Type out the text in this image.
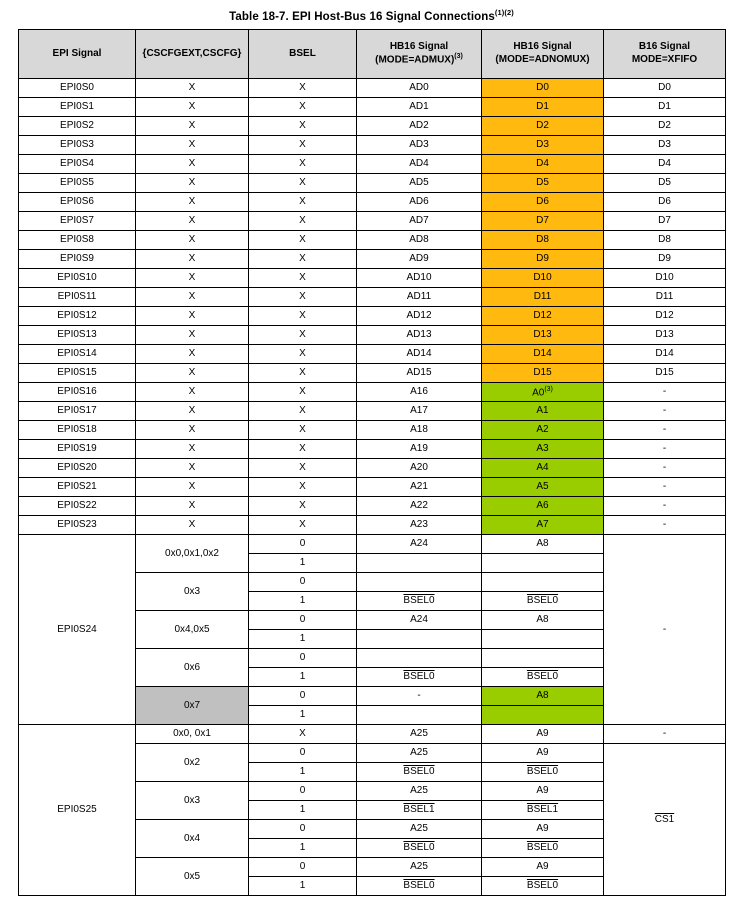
Table 18-7. EPI Host-Bus 16 Signal Connections$^{(1)(2)}$
EPI Signal	{CSCFGEXT,CSCFG}	BSEL	HB16 Signal (MODE=ADMUX)$^{(3)}$	HB16 Signal (MODE=ADNOMUX)	B16 Signal MODE=XFIFO
EPI0S0	X	X	AD0	D0	D0
EPI0S1	X	X	AD1	D1	D1
EPI0S2	X	X	AD2	D2	D2
EPI0S3	X	X	AD3	D3	D3
EPI0S4	X	X	AD4	D4	D4
EPI0S5	X	X	AD5	D5	D5
EPI0S6	X	X	AD6	D6	D6
EPI0S7	X	X	AD7	D7	D7
EPI0S8	X	X	AD8	D8	D8
EPI0S9	X	X	AD9	D9	D9
EPI0S10	X	X	AD10	D10	D10
EPI0S11	X	X	AD11	D11	D11
EPI0S12	X	X	AD12	D12	D12
EPI0S13	X	X	AD13	D13	D13
EPI0S14	X	X	AD14	D14	D14
EPI0S15	X	X	AD15	D15	D15
EPI0S16	X	X	A16	A0$^{(3)}$	-
EPI0S17	X	X	A17	A1	-
EPI0S18	X	X	A18	A2	-
EPI0S19	X	X	A19	A3	-
EPI0S20	X	X	A20	A4	-
EPI0S21	X	X	A21	A5	-
EPI0S22	X	X	A22	A6	-
EPI0S23	X	X	A23	A7	-
EPI0S24	0x0,0x1,0x2	0	A24	A8	-
		1			
	0x3	0			
		1	BSEL0	BSEL0	
	0x4,0x5	0	A24	A8	
		1			
	0x6	0			
		1	BSEL0	BSEL0	
	0x7	0	-	A8	
		1			
EPI0S25	0x0, 0x1	X	A25	A9	-
	0x2	0	A25	A9	CS1
		1	BSEL0	BSEL0	
	0x3	0	A25	A9	
		1	BSEL1	BSEL1	
	0x4	0	A25	A9	
		1	BSEL0	BSEL0	
	0x5	0	A25	A9	
		1	BSEL0	BSEL0	
